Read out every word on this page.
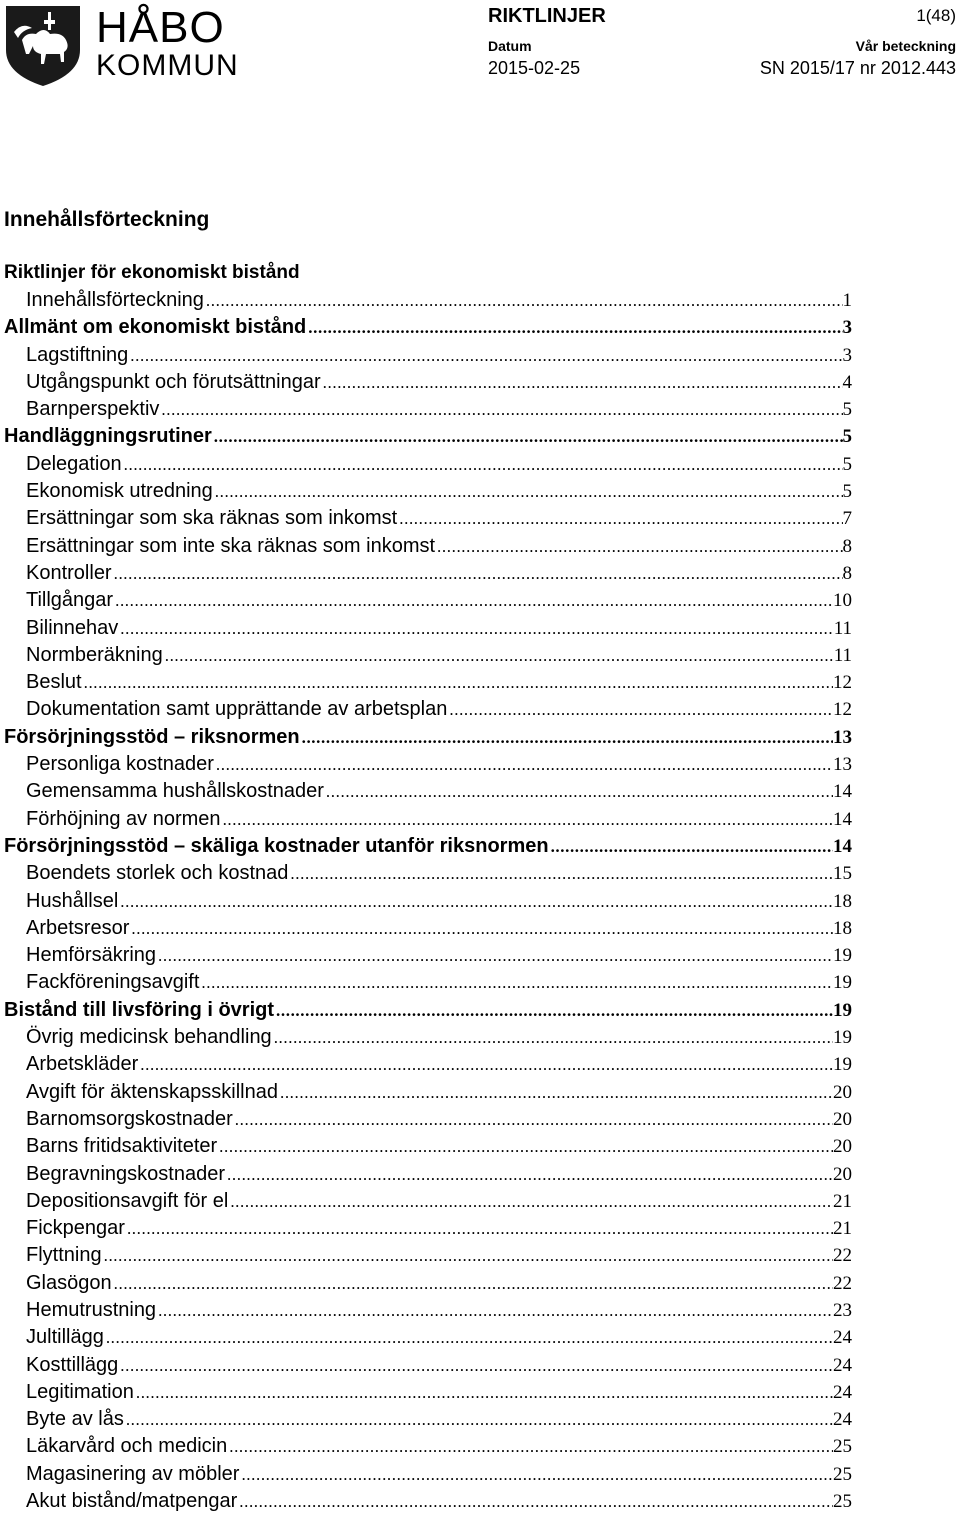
HÅBO
KOMMUN
RIKTLINJER	1(48)
Datum
2015-02-25
Vår beteckning
SN 2015/17 nr 2012.443
Innehållsförteckning
Riktlinjer för ekonomiskt bistånd
Innehållsförteckning .....	1
Allmänt om ekonomiskt bistånd .....	3
Lagstiftning .....	3
Utgångspunkt och förutsättningar .....	4
Barnperspektiv .....	5
Handläggningsrutiner .....	5
Delegation .....	5
Ekonomisk utredning .....	5
Ersättningar som ska räknas som inkomst .....	7
Ersättningar som inte ska räknas som inkomst .....	8
Kontroller .....	8
Tillgångar .....	10
Bilinnehav .....	11
Normberäkning .....	11
Beslut .....	12
Dokumentation samt upprättande av arbetsplan .....	12
Försörjningsstöd – riksnormen .....	13
Personliga kostnader .....	13
Gemensamma hushållskostnader .....	14
Förhöjning av normen .....	14
Försörjningsstöd – skäliga kostnader utanför riksnormen .....	14
Boendets storlek och kostnad .....	15
Hushållsel .....	18
Arbetsresor .....	18
Hemförsäkring .....	19
Fackföreningsavgift .....	19
Bistånd till livsföring i övrigt .....	19
Övrig medicinsk behandling .....	19
Arbetskläder .....	19
Avgift för äktenskapsskillnad .....	20
Barnomsorgskostnader .....	20
Barns fritidsaktiviteter .....	20
Begravningskostnader .....	20
Depositionsavgift för el .....	21
Fickpengar .....	21
Flyttning .....	22
Glasögon .....	22
Hemutrustning .....	23
Jultillägg .....	24
Kosttillägg .....	24
Legitimation .....	24
Byte av lås .....	24
Läkarvård och medicin .....	25
Magasinering av möbler .....	25
Akut bistånd/matpengar .....	25
